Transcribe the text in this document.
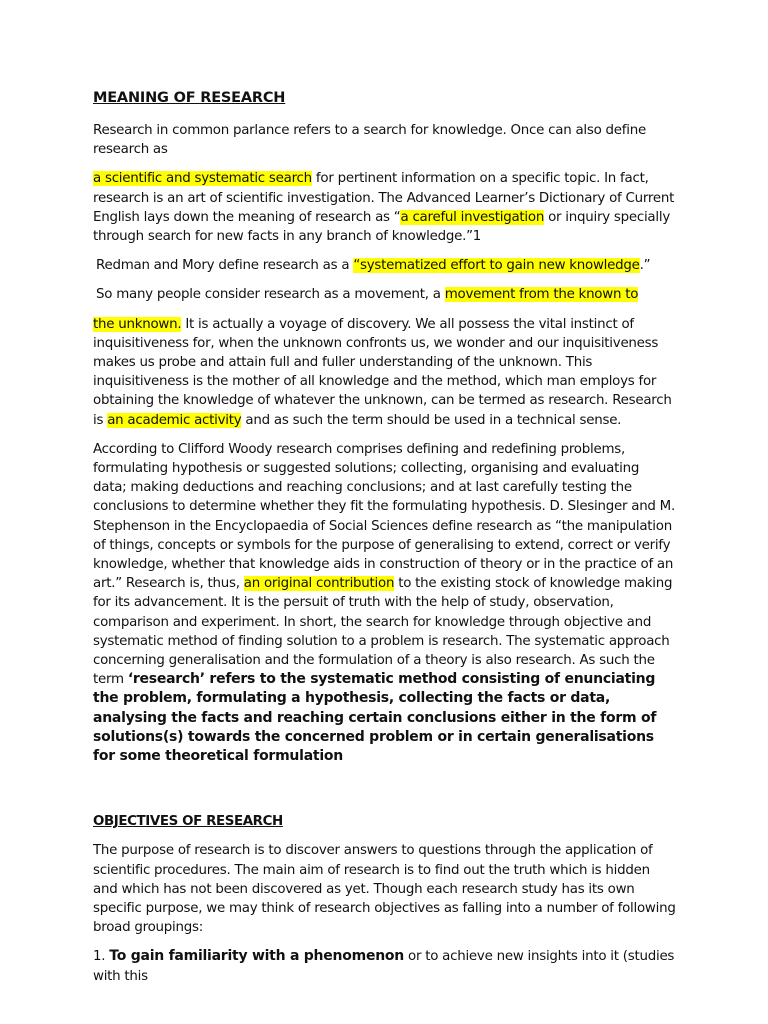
MEANING OF RESEARCH

Research in common parlance refers to a search for knowledge. Once can also define research as

a scientific and systematic search for pertinent information on a specific topic. In fact, research is an art of scientific investigation. The Advanced Learner’s Dictionary of Current English lays down the meaning of research as “a careful investigation or inquiry specially through search for new facts in any branch of knowledge.”1

Redman and Mory define research as a “systematized effort to gain new knowledge.”

So many people consider research as a movement, a movement from the known to

the unknown. It is actually a voyage of discovery. We all possess the vital instinct of inquisitiveness for, when the unknown confronts us, we wonder and our inquisitiveness makes us probe and attain full and fuller understanding of the unknown. This inquisitiveness is the mother of all knowledge and the method, which man employs for obtaining the knowledge of whatever the unknown, can be termed as research. Research is an academic activity and as such the term should be used in a technical sense.

According to Clifford Woody research comprises defining and redefining problems, formulating hypothesis or suggested solutions; collecting, organising and evaluating data; making deductions and reaching conclusions; and at last carefully testing the conclusions to determine whether they fit the formulating hypothesis. D. Slesinger and M. Stephenson in the Encyclopaedia of Social Sciences define research as “the manipulation of things, concepts or symbols for the purpose of generalising to extend, correct or verify knowledge, whether that knowledge aids in construction of theory or in the practice of an art.” Research is, thus, an original contribution to the existing stock of knowledge making for its advancement. It is the persuit of truth with the help of study, observation, comparison and experiment. In short, the search for knowledge through objective and systematic method of finding solution to a problem is research. The systematic approach concerning generalisation and the formulation of a theory is also research. As such the term ‘research’ refers to the systematic method consisting of enunciating the problem, formulating a hypothesis, collecting the facts or data, analysing the facts and reaching certain conclusions either in the form of solutions(s) towards the concerned problem or in certain generalisations for some theoretical formulation

OBJECTIVES OF RESEARCH

The purpose of research is to discover answers to questions through the application of scientific procedures. The main aim of research is to find out the truth which is hidden and which has not been discovered as yet. Though each research study has its own specific purpose, we may think of research objectives as falling into a number of following broad groupings:

1. To gain familiarity with a phenomenon or to achieve new insights into it (studies with this
